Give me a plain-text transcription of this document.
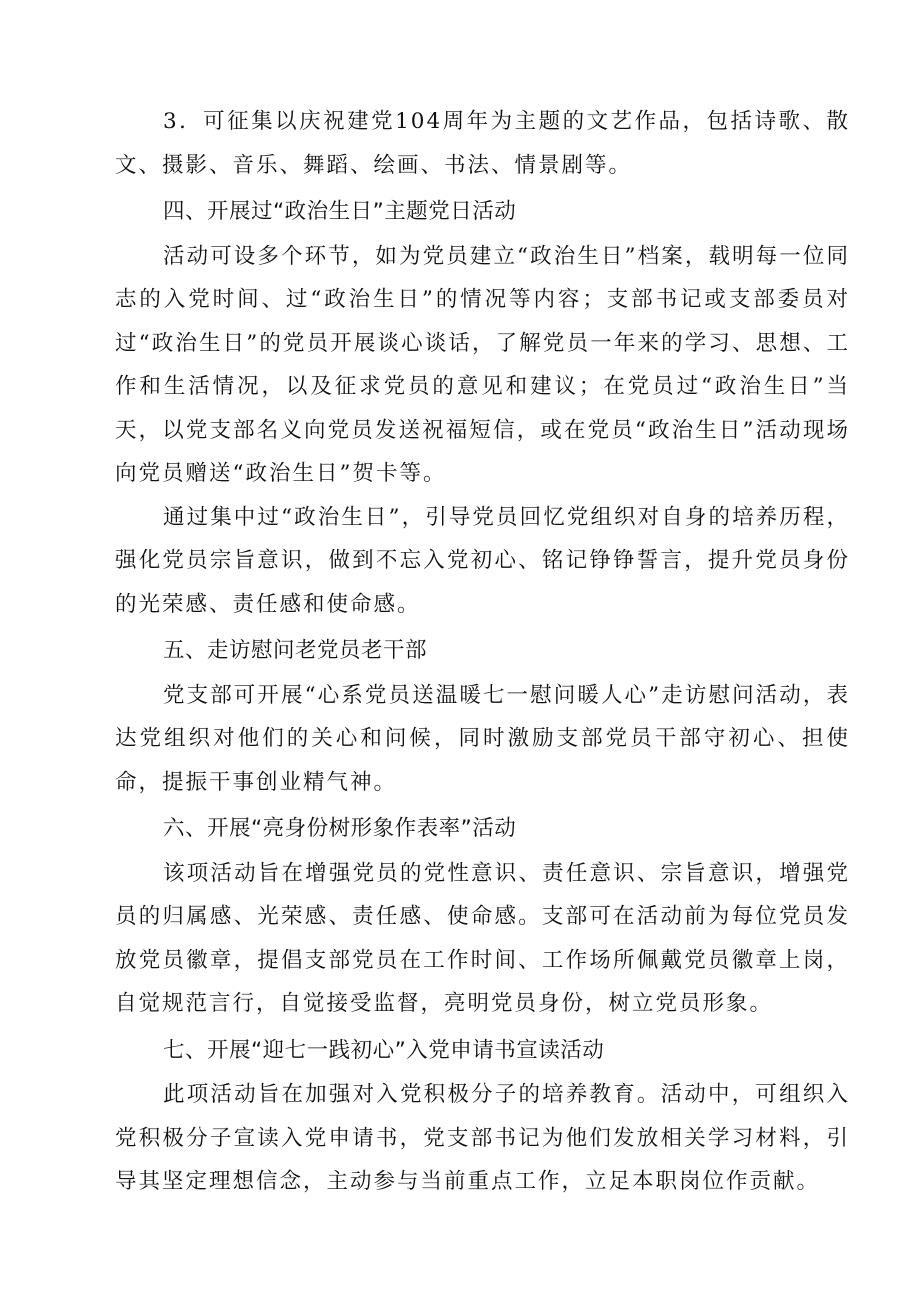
3．可征集以庆祝建党104周年为主题的文艺作品，包括诗歌、散文、摄影、音乐、舞蹈、绘画、书法、情景剧等。

四、开展过“政治生日”主题党日活动

活动可设多个环节，如为党员建立“政治生日”档案，载明每一位同志的入党时间、过“政治生日”的情况等内容；支部书记或支部委员对过“政治生日”的党员开展谈心谈话，了解党员一年来的学习、思想、工作和生活情况，以及征求党员的意见和建议；在党员过“政治生日”当天，以党支部名义向党员发送祝福短信，或在党员“政治生日”活动现场向党员赠送“政治生日”贺卡等。

通过集中过“政治生日”，引导党员回忆党组织对自身的培养历程，强化党员宗旨意识，做到不忘入党初心、铭记铮铮誓言，提升党员身份的光荣感、责任感和使命感。

五、走访慰问老党员老干部

党支部可开展“心系党员送温暖七一慰问暖人心”走访慰问活动，表达党组织对他们的关心和问候，同时激励支部党员干部守初心、担使命，提振干事创业精气神。

六、开展“亮身份树形象作表率”活动

该项活动旨在增强党员的党性意识、责任意识、宗旨意识，增强党员的归属感、光荣感、责任感、使命感。支部可在活动前为每位党员发放党员徽章，提倡支部党员在工作时间、工作场所佩戴党员徽章上岗，自觉规范言行，自觉接受监督，亮明党员身份，树立党员形象。

七、开展“迎七一践初心”入党申请书宣读活动

此项活动旨在加强对入党积极分子的培养教育。活动中，可组织入党积极分子宣读入党申请书，党支部书记为他们发放相关学习材料，引导其坚定理想信念，主动参与当前重点工作，立足本职岗位作贡献。
